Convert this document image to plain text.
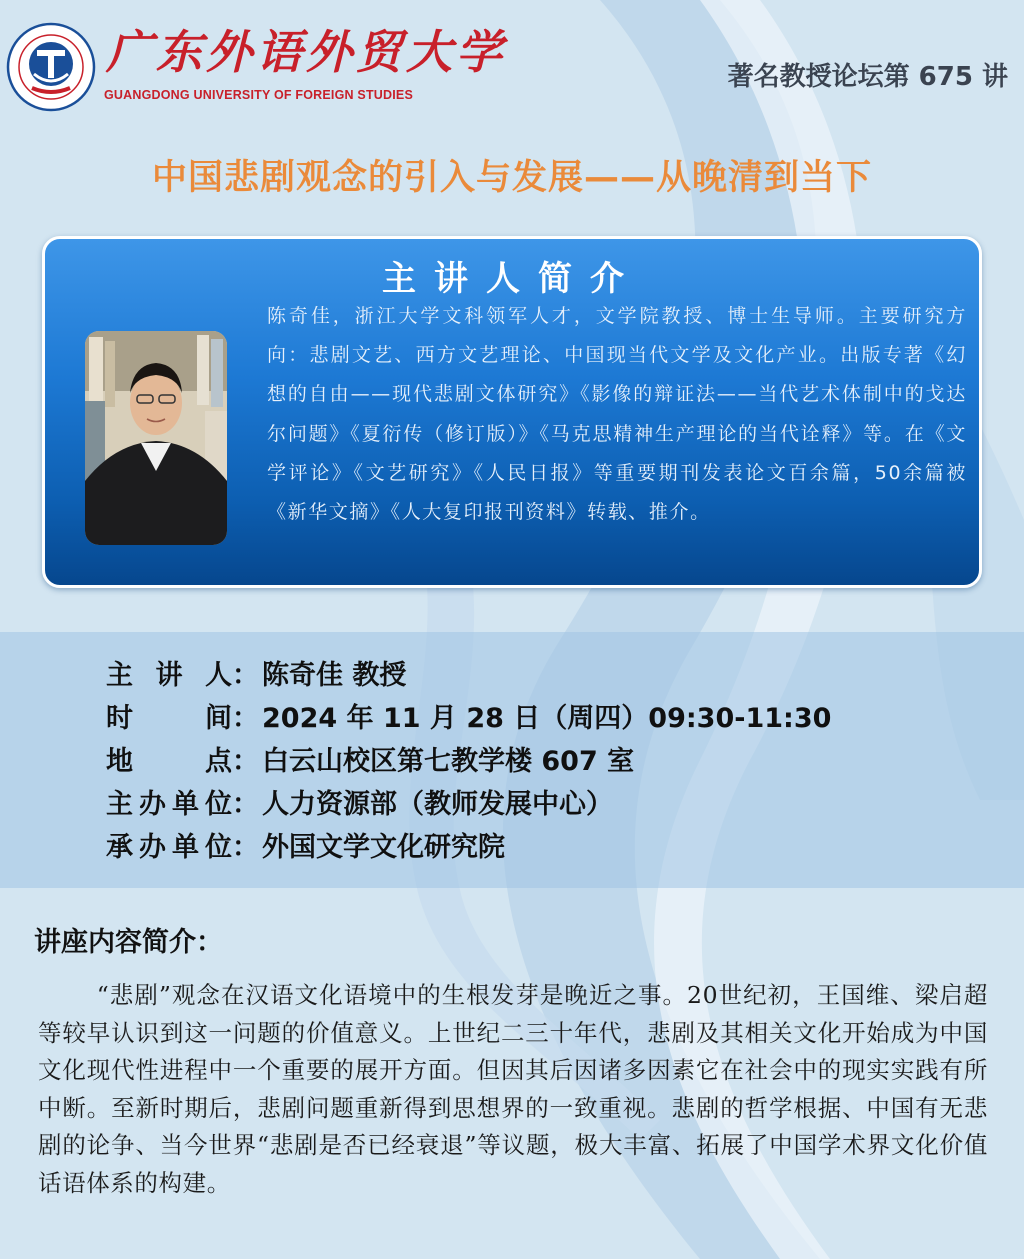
广东外语外贸大学
GUANGDONG UNIVERSITY OF FOREIGN STUDIES
著名教授论坛第 675 讲
中国悲剧观念的引入与发展——从晚清到当下
主讲人简介
陈奇佳，浙江大学文科领军人才，文学院教授、博士生导师。主要研究方向：悲剧文艺、西方文艺理论、中国现当代文学及文化产业。出版专著《幻想的自由——现代悲剧文体研究》《影像的辩证法——当代艺术体制中的戈达尔问题》《夏衍传（修订版）》《马克思精神生产理论的当代诠释》等。在《文学评论》《文艺研究》《人民日报》等重要期刊发表论文百余篇，50余篇被《新华文摘》《人大复印报刊资料》转载、推介。
主 讲 人 ： 陈奇佳 教授
时	间 ： 2024 年 11 月 28 日（周四）09:30-11:30
地	点 ： 白云山校区第七教学楼 607 室
主 办 单 位 ： 人力资源部（教师发展中心）
承 办 单 位 ： 外国文学文化研究院
讲座内容简介：
“悲剧”观念在汉语文化语境中的生根发芽是晚近之事。20世纪初，王国维、梁启超等较早认识到这一问题的价值意义。上世纪二三十年代，悲剧及其相关文化开始成为中国文化现代性进程中一个重要的展开方面。但因其后因诸多因素它在社会中的现实实践有所中断。至新时期后，悲剧问题重新得到思想界的一致重视。悲剧的哲学根据、中国有无悲剧的论争、当今世界“悲剧是否已经衰退”等议题，极大丰富、拓展了中国学术界文化价值话语体系的构建。
